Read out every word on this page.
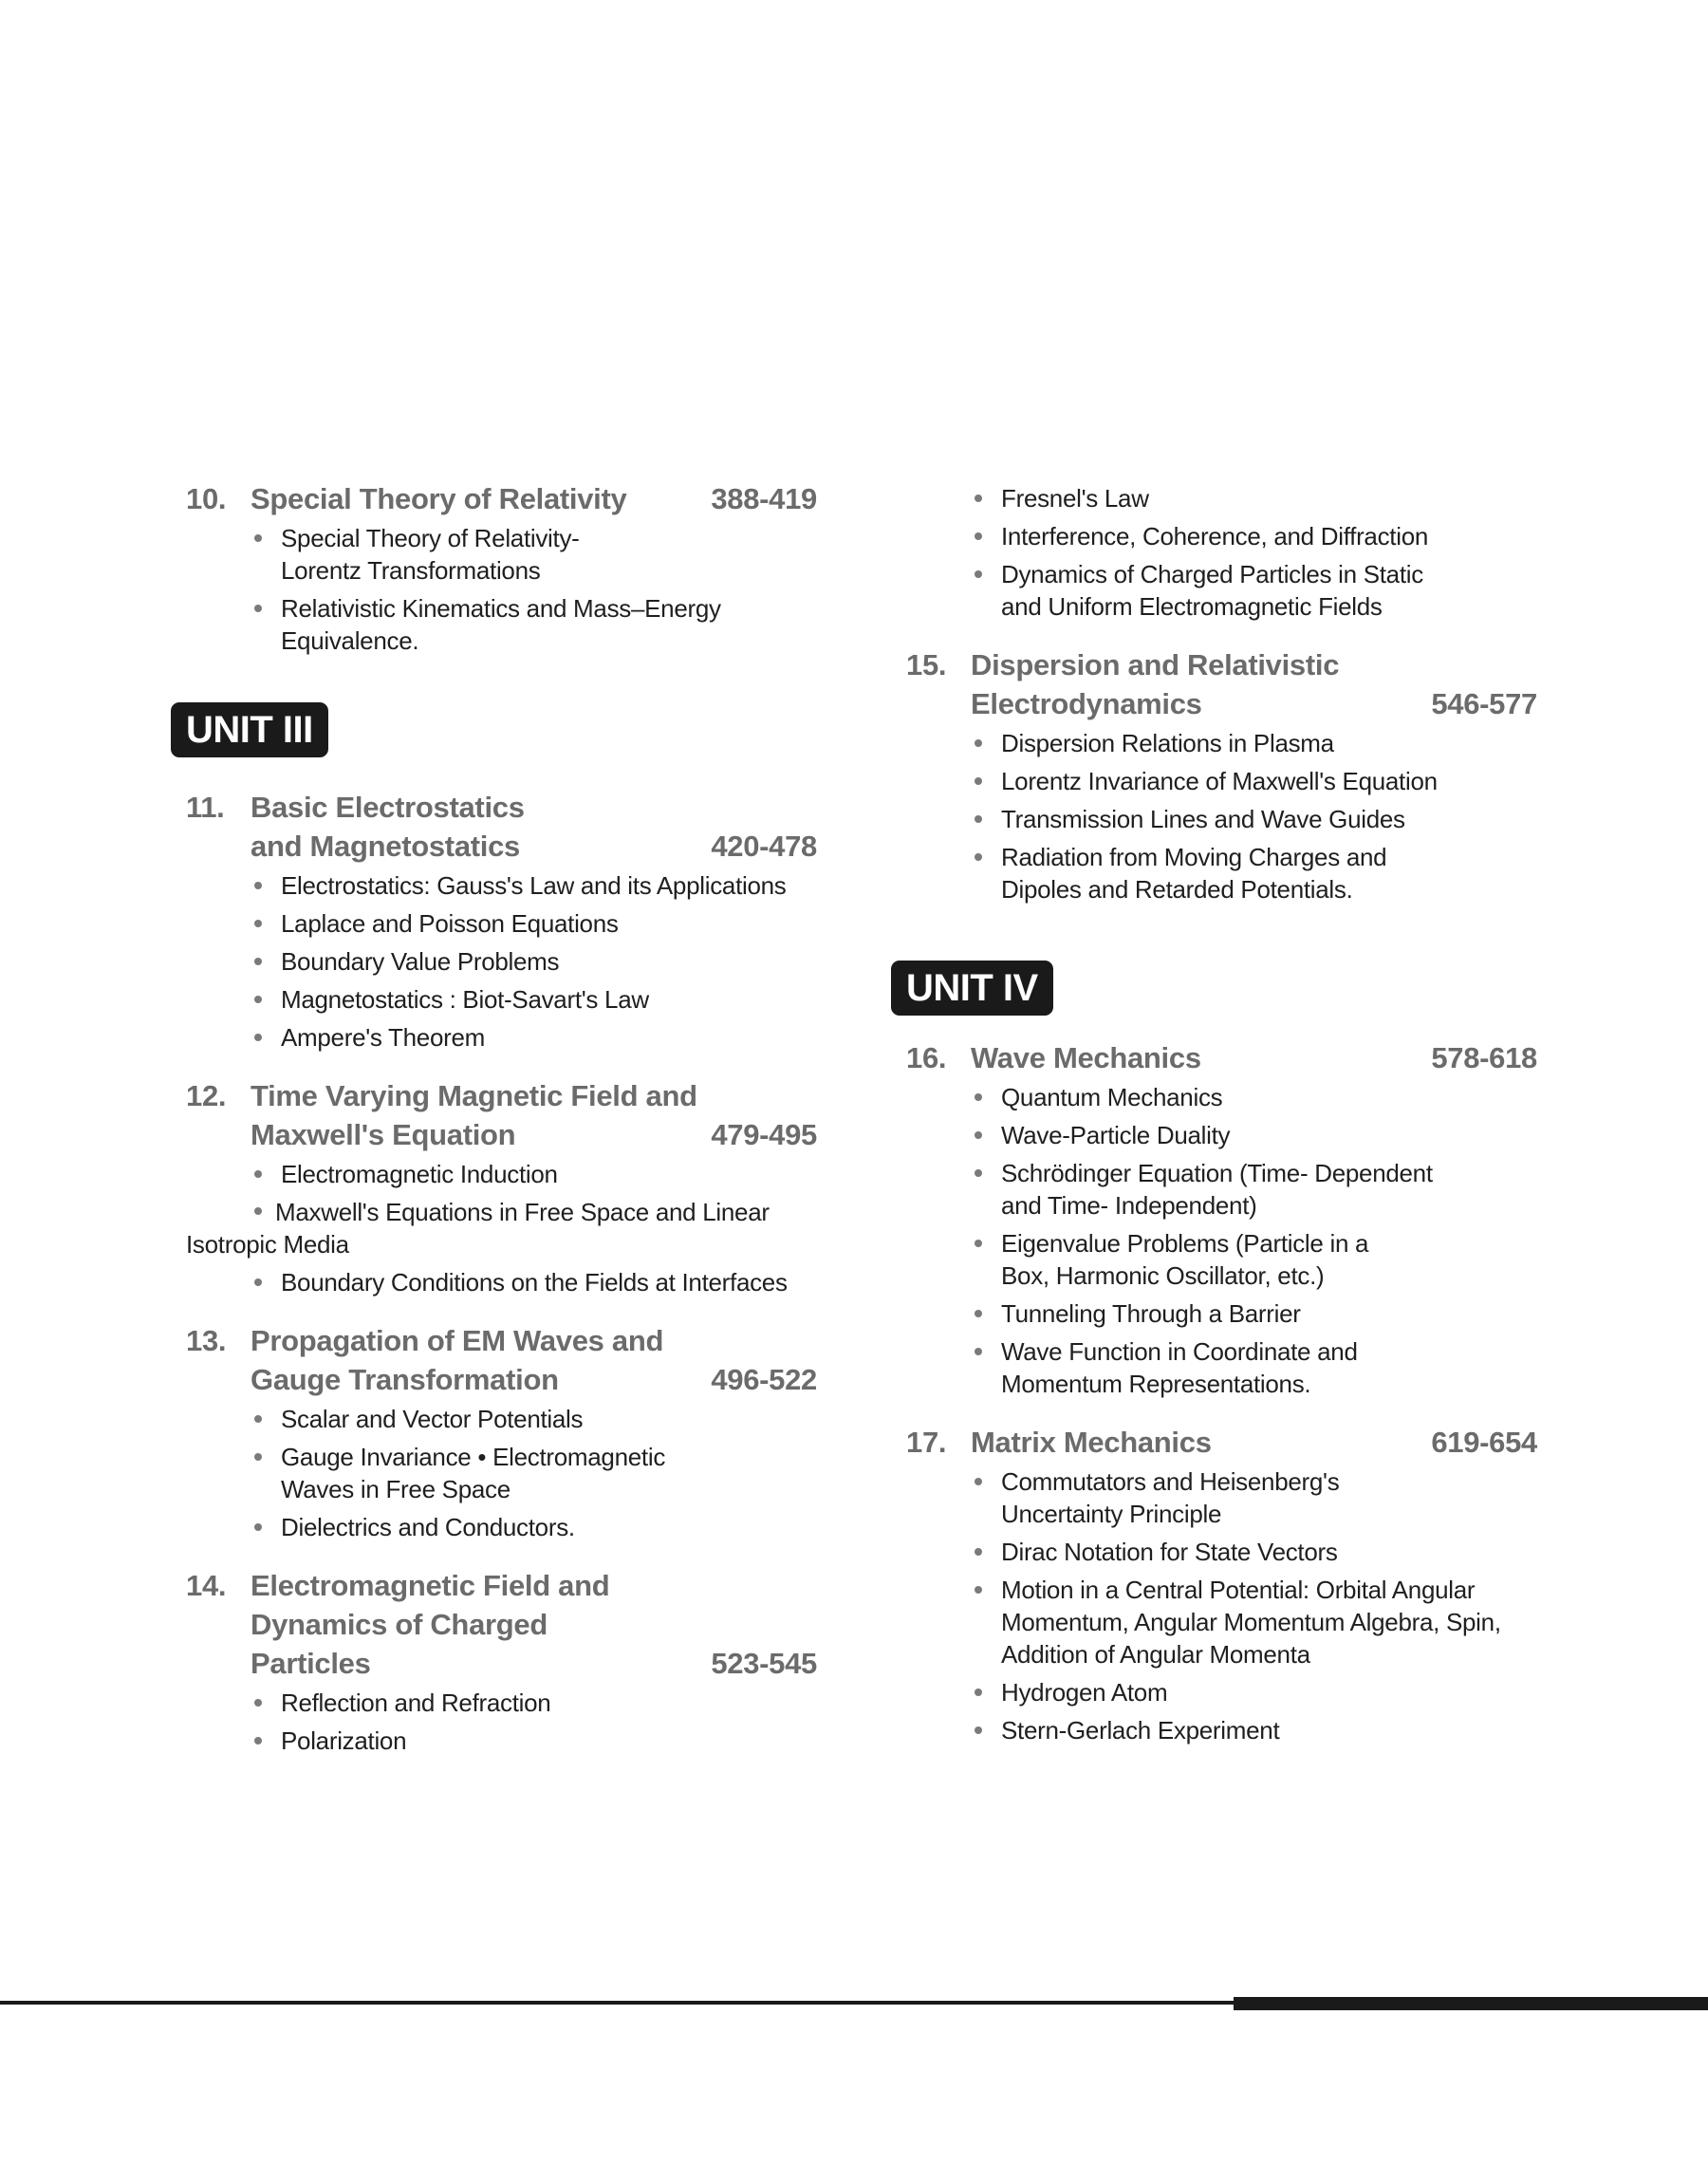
10. Special Theory of Relativity	388-419
Special Theory of Relativity-
Lorentz Transformations
Relativistic Kinematics and Mass–Energy
Equivalence.
UNIT III
11. Basic Electrostatics
and Magnetostatics	420-478
Electrostatics: Gauss's Law and its Applications
Laplace and Poisson Equations
Boundary Value Problems
Magnetostatics : Biot-Savart's Law
Ampere's Theorem
12. Time Varying Magnetic Field and
Maxwell's Equation	479-495
Electromagnetic Induction
Maxwell's Equations in Free Space and Linear
Isotropic Media
Boundary Conditions on the Fields at Interfaces
13. Propagation of EM Waves and
Gauge Transformation	496-522
Scalar and Vector Potentials
Gauge Invariance • Electromagnetic
Waves in Free Space
Dielectrics and Conductors.
14. Electromagnetic Field and
Dynamics of Charged
Particles	523-545
Reflection and Refraction
Polarization
Fresnel's Law
Interference, Coherence, and Diffraction
Dynamics of Charged Particles in Static
and Uniform Electromagnetic Fields
15. Dispersion and Relativistic
Electrodynamics	546-577
Dispersion Relations in Plasma
Lorentz Invariance of Maxwell's Equation
Transmission Lines and Wave Guides
Radiation from Moving Charges and
Dipoles and Retarded Potentials.
UNIT IV
16. Wave Mechanics	578-618
Quantum Mechanics
Wave-Particle Duality
Schrödinger Equation (Time- Dependent
and Time- Independent)
Eigenvalue Problems (Particle in a
Box, Harmonic Oscillator, etc.)
Tunneling Through a Barrier
Wave Function in Coordinate and
Momentum Representations.
17. Matrix Mechanics	619-654
Commutators and Heisenberg's
Uncertainty Principle
Dirac Notation for State Vectors
Motion in a Central Potential: Orbital Angular
Momentum, Angular Momentum Algebra, Spin,
Addition of Angular Momenta
Hydrogen Atom
Stern-Gerlach Experiment
